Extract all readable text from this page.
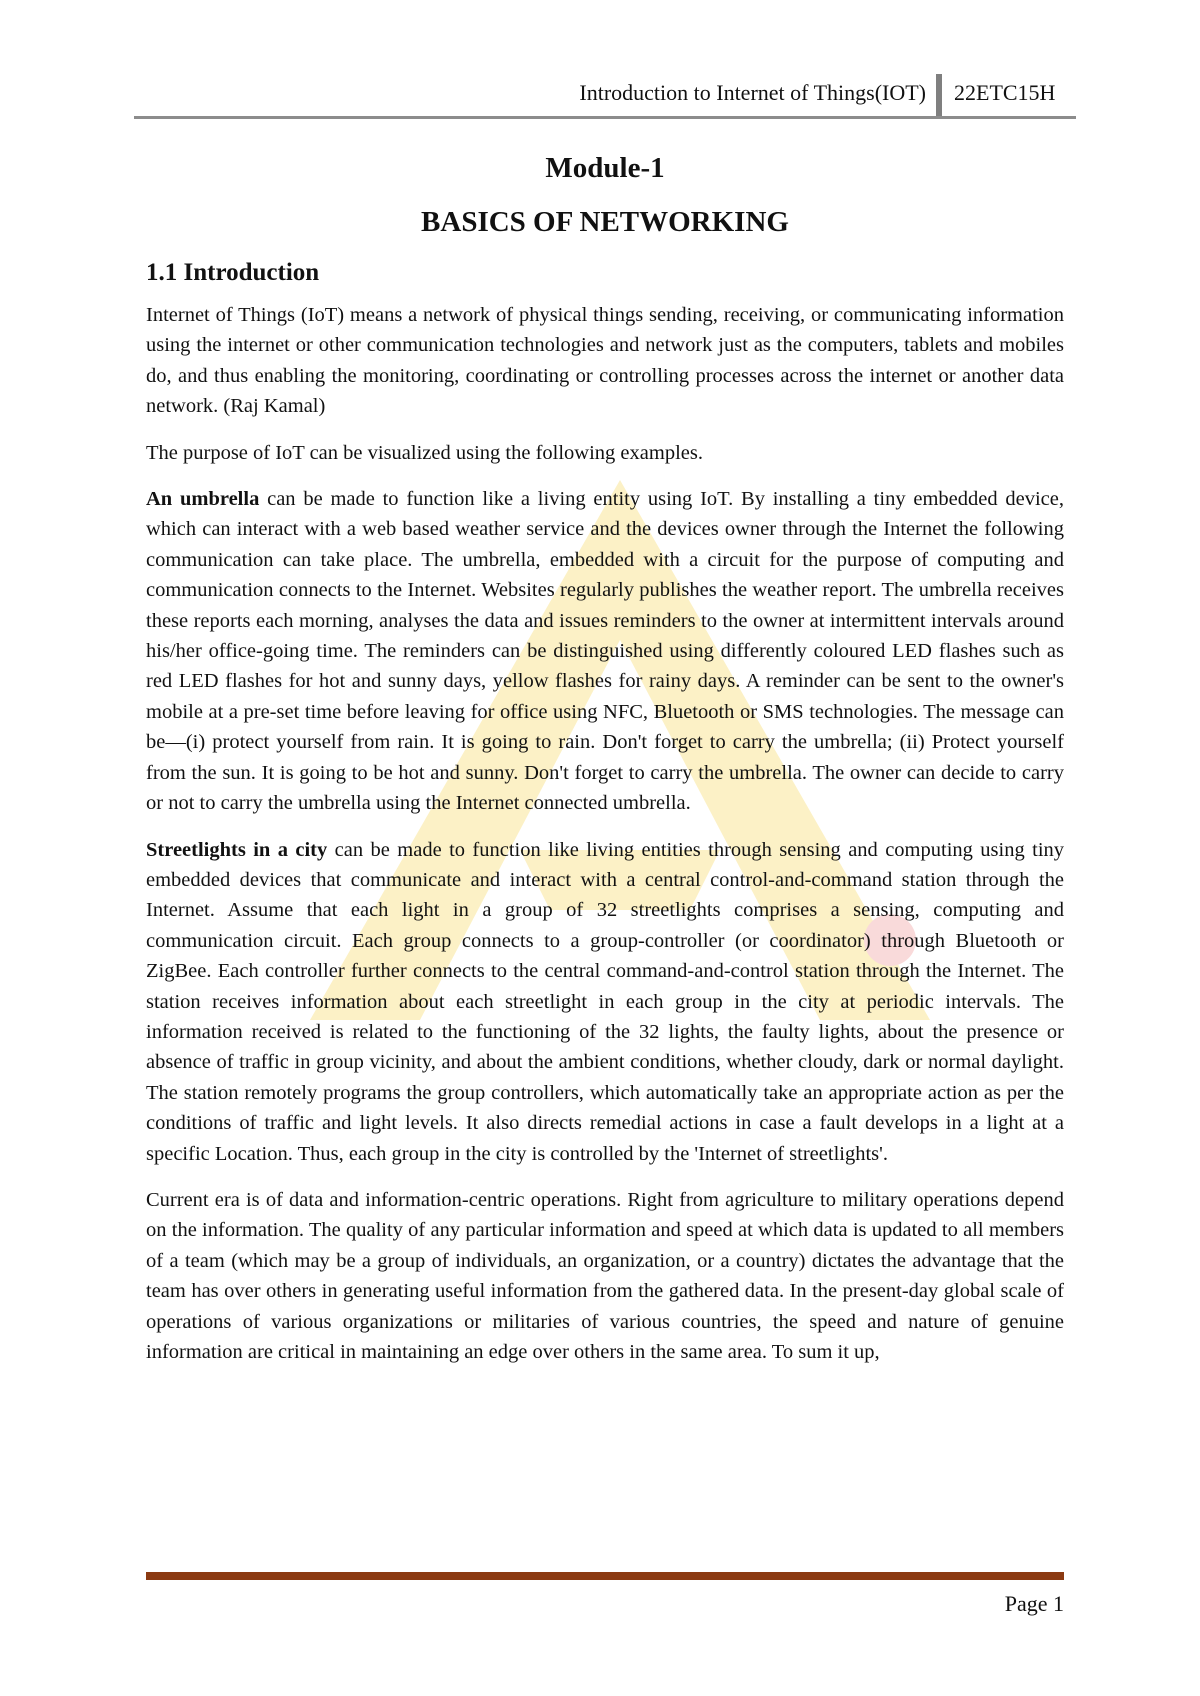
Introduction to Internet of Things(IOT) 22ETC15H
Module-1
BASICS OF NETWORKING
1.1 Introduction

Internet of Things (IoT) means a network of physical things sending, receiving, or communicating information using the internet or other communication technologies and network just as the computers, tablets and mobiles do, and thus enabling the monitoring, coordinating or controlling processes across the internet or another data network. (Raj Kamal)

The purpose of IoT can be visualized using the following examples.

An umbrella can be made to function like a living entity using IoT. By installing a tiny embedded device, which can interact with a web based weather service and the devices owner through the Internet the following communication can take place. The umbrella, embedded with a circuit for the purpose of computing and communication connects to the Internet. Websites regularly publishes the weather report. The umbrella receives these reports each morning, analyses the data and issues reminders to the owner at intermittent intervals around his/her office-going time. The reminders can be distinguished using differently coloured LED flashes such as red LED flashes for hot and sunny days, yellow flashes for rainy days. A reminder can be sent to the owner's mobile at a pre-set time before leaving for office using NFC, Bluetooth or SMS technologies. The message can be—(i) protect yourself from rain. It is going to rain. Don't forget to carry the umbrella; (ii) Protect yourself from the sun. It is going to be hot and sunny. Don't forget to carry the umbrella. The owner can decide to carry or not to carry the umbrella using the Internet connected umbrella.

Streetlights in a city can be made to function like living entities through sensing and computing using tiny embedded devices that communicate and interact with a central control-and-command station through the Internet. Assume that each light in a group of 32 streetlights comprises a sensing, computing and communication circuit. Each group connects to a group-controller (or coordinator) through Bluetooth or ZigBee. Each controller further connects to the central command-and-control station through the Internet. The station receives information about each streetlight in each group in the city at periodic intervals. The information received is related to the functioning of the 32 lights, the faulty lights, about the presence or absence of traffic in group vicinity, and about the ambient conditions, whether cloudy, dark or normal daylight. The station remotely programs the group controllers, which automatically take an appropriate action as per the conditions of traffic and light levels. It also directs remedial actions in case a fault develops in a light at a specific Location. Thus, each group in the city is controlled by the 'Internet of streetlights'.

Current era is of data and information-centric operations. Right from agriculture to military operations depend on the information. The quality of any particular information and speed at which data is updated to all members of a team (which may be a group of individuals, an organization, or a country) dictates the advantage that the team has over others in generating useful information from the gathered data. In the present-day global scale of operations of various organizations or militaries of various countries, the speed and nature of genuine information are critical in maintaining an edge over others in the same area. To sum it up,

Page 1
